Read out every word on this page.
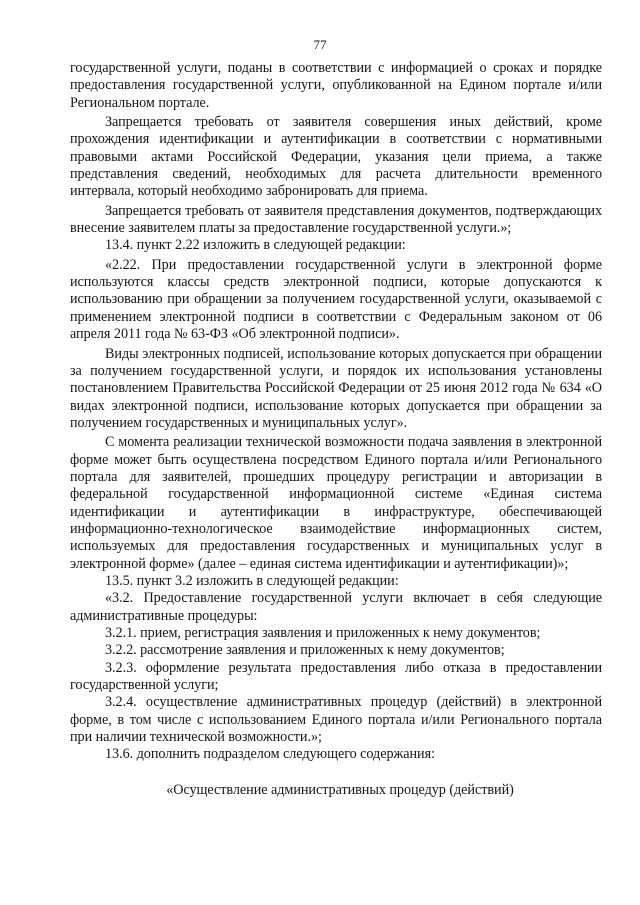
77

государственной услуги, поданы в соответствии с информацией о сроках и порядке предоставления государственной услуги, опубликованной на Едином портале и/или Региональном портале.

Запрещается требовать от заявителя совершения иных действий, кроме прохождения идентификации и аутентификации в соответствии с нормативными правовыми актами Российской Федерации, указания цели приема, а также представления сведений, необходимых для расчета длительности временного интервала, который необходимо забронировать для приема.

Запрещается требовать от заявителя представления документов, подтверждающих внесение заявителем платы за предоставление государственной услуги.»;

13.4. пункт 2.22 изложить в следующей редакции:

«2.22. При предоставлении государственной услуги в электронной форме используются классы средств электронной подписи, которые допускаются к использованию при обращении за получением государственной услуги, оказываемой с применением электронной подписи в соответствии с Федеральным законом от 06 апреля 2011 года № 63-ФЗ «Об электронной подписи».

Виды электронных подписей, использование которых допускается при обращении за получением государственной услуги, и порядок их использования установлены постановлением Правительства Российской Федерации от 25 июня 2012 года № 634 «О видах электронной подписи, использование которых допускается при обращении за получением государственных и муниципальных услуг».

С момента реализации технической возможности подача заявления в электронной форме может быть осуществлена посредством Единого портала и/или Регионального портала для заявителей, прошедших процедуру регистрации и авторизации в федеральной государственной информационной системе «Единая система идентификации и аутентификации в инфраструктуре, обеспечивающей информационно-технологическое взаимодействие информационных систем, используемых для предоставления государственных и муниципальных услуг в электронной форме» (далее – единая система идентификации и аутентификации)»;

13.5. пункт 3.2 изложить в следующей редакции:

«3.2. Предоставление государственной услуги включает в себя следующие административные процедуры:

3.2.1. прием, регистрация заявления и приложенных к нему документов;

3.2.2. рассмотрение заявления и приложенных к нему документов;

3.2.3. оформление результата предоставления либо отказа в предоставлении государственной услуги;

3.2.4. осуществление административных процедур (действий) в электронной форме, в том числе с использованием Единого портала и/или Регионального портала при наличии технической возможности.»;

13.6. дополнить подразделом следующего содержания:

«Осуществление административных процедур (действий)
